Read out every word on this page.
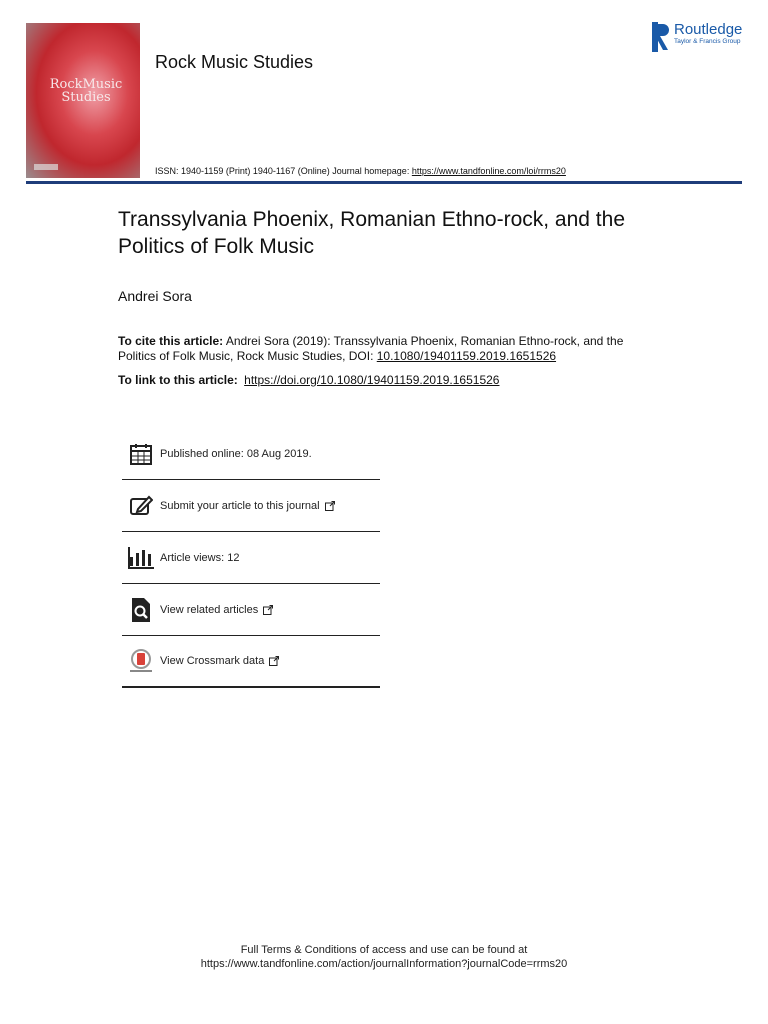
RockMusic Studies
Rock Music Studies
Routledge
Taylor & Francis Group
ISSN: 1940-1159 (Print) 1940-1167 (Online) Journal homepage: https://www.tandfonline.com/loi/rrms20
Transsylvania Phoenix, Romanian Ethno-rock, and the Politics of Folk Music
Andrei Sora
To cite this article: Andrei Sora (2019): Transsylvania Phoenix, Romanian Ethno-rock, and the Politics of Folk Music, Rock Music Studies, DOI: 10.1080/19401159.2019.1651526
To link to this article: https://doi.org/10.1080/19401159.2019.1651526
Published online: 08 Aug 2019.
Submit your article to this journal
Article views: 12
View related articles
View Crossmark data
Full Terms & Conditions of access and use can be found at
https://www.tandfonline.com/action/journalInformation?journalCode=rrms20
